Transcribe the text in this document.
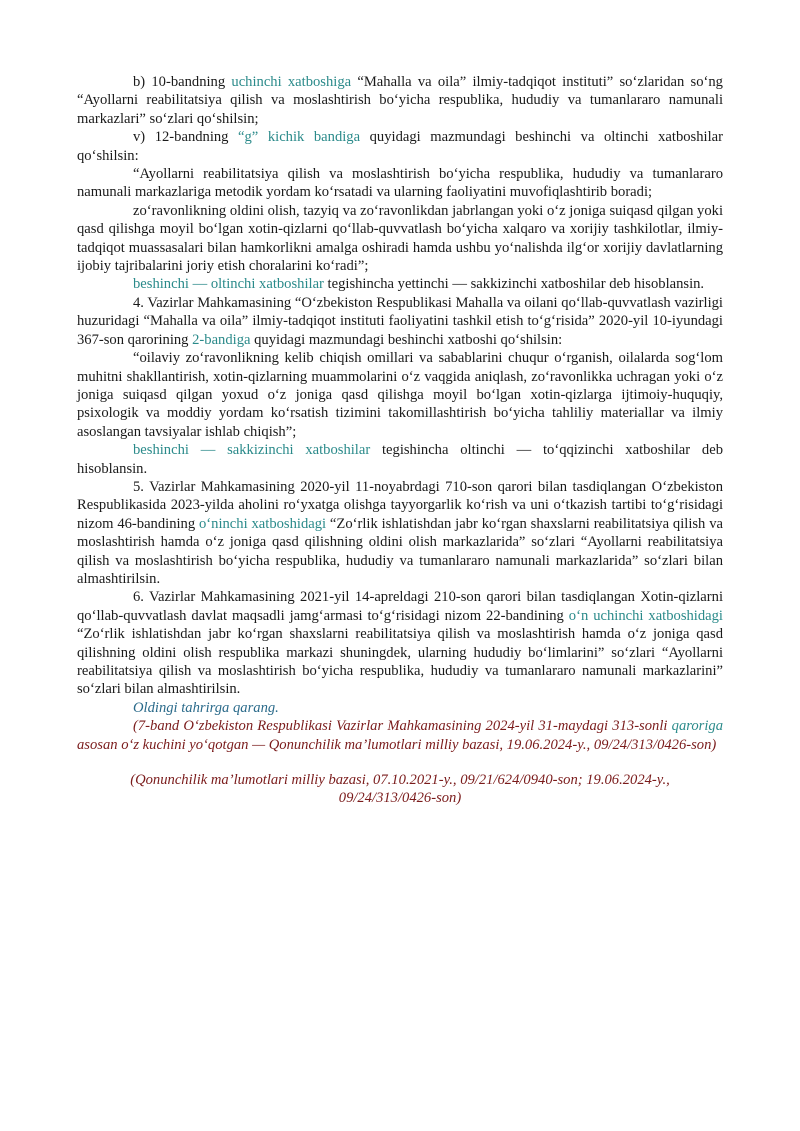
b) 10-bandning uchinchi xatboshiga “Mahalla va oila” ilmiy-tadqiqot instituti” so‘zlaridan so‘ng “Ayollarni reabilitatsiya qilish va moslashtirish bo‘yicha respublika, hududiy va tumanlararo namunali markazlari” so‘zlari qo‘shilsin;

v) 12-bandning “g” kichik bandiga quyidagi mazmundagi beshinchi va oltinchi xatboshilar qo‘shilsin:

“Ayollarni reabilitatsiya qilish va moslashtirish bo‘yicha respublika, hududiy va tumanlararo namunali markazlariga metodik yordam ko‘rsatadi va ularning faoliyatini muvofiqlashtirib boradi;

zo‘ravonlikning oldini olish, tazyiq va zo‘ravonlikdan jabrlangan yoki o‘z joniga suiqasd qilgan yoki qasd qilishga moyil bo‘lgan xotin-qizlarni qo‘llab-quvvatlash bo‘yicha xalqaro va xorijiy tashkilotlar, ilmiy-tadqiqot muassasalari bilan hamkorlikni amalga oshiradi hamda ushbu yo‘nalishda ilg‘or xorijiy davlatlarning ijobiy tajribalarini joriy etish choralarini ko‘radi”;

beshinchi — oltinchi xatboshilar tegishincha yettinchi — sakkizinchi xatboshilar deb hisoblansin.

4. Vazirlar Mahkamasining “O‘zbekiston Respublikasi Mahalla va oilani qo‘llab-quvvatlash vazirligi huzuridagi “Mahalla va oila” ilmiy-tadqiqot instituti faoliyatini tashkil etish to‘g‘risida” 2020-yil 10-iyundagi 367-son qarorining 2-bandiga quyidagi mazmundagi beshinchi xatboshi qo‘shilsin:

“oilaviy zo‘ravonlikning kelib chiqish omillari va sabablarini chuqur o‘rganish, oilalarda sog‘lom muhitni shakllantirish, xotin-qizlarning muammolarini o‘z vaqgida aniqlash, zo‘ravonlikka uchragan yoki o‘z joniga suiqasd qilgan yoxud o‘z joniga qasd qilishga moyil bo‘lgan xotin-qizlarga ijtimoiy-huquqiy, psixologik va moddiy yordam ko‘rsatish tizimini takomillashtirish bo‘yicha tahliliy materiallar va ilmiy asoslangan tavsiyalar ishlab chiqish”;

beshinchi — sakkizinchi xatboshilar tegishincha oltinchi — to‘qqizinchi xatboshilar deb hisoblansin.

5. Vazirlar Mahkamasining 2020-yil 11-noyabrdagi 710-son qarori bilan tasdiqlangan O‘zbekiston Respublikasida 2023-yilda aholini ro‘yxatga olishga tayyorgarlik ko‘rish va uni o‘tkazish tartibi to‘g‘risidagi nizom 46-bandining o‘ninchi xatboshidagi “Zo‘rlik ishlatishdan jabr ko‘rgan shaxslarni reabilitatsiya qilish va moslashtirish hamda o‘z joniga qasd qilishning oldini olish markazlarida” so‘zlari “Ayollarni reabilitatsiya qilish va moslashtirish bo‘yicha respublika, hududiy va tumanlararo namunali markazlarida” so‘zlari bilan almashtirilsin.

6. Vazirlar Mahkamasining 2021-yil 14-apreldagi 210-son qarori bilan tasdiqlangan Xotin-qizlarni qo‘llab-quvvatlash davlat maqsadli jamg‘armasi to‘g‘risidagi nizom 22-bandining o‘n uchinchi xatboshidagi “Zo‘rlik ishlatishdan jabr ko‘rgan shaxslarni reabilitatsiya qilish va moslashtirish hamda o‘z joniga qasd qilishning oldini olish respublika markazi shuningdek, ularning hududiy bo‘limlarini” so‘zlari “Ayollarni reabilitatsiya qilish va moslashtirish bo‘yicha respublika, hududiy va tumanlararo namunali markazlarini” so‘zlari bilan almashtirilsin.

Oldingi tahrirga qarang.

(7-band O‘zbekiston Respublikasi Vazirlar Mahkamasining 2024-yil 31-maydagi 313-sonli qaroriga asosan o‘z kuchini yo‘qotgan — Qonunchilik ma’lumotlari milliy bazasi, 19.06.2024-y., 09/24/313/0426-son)

(Qonunchilik ma’lumotlari milliy bazasi, 07.10.2021-y., 09/21/624/0940-son; 19.06.2024-y.,
09/24/313/0426-son)
